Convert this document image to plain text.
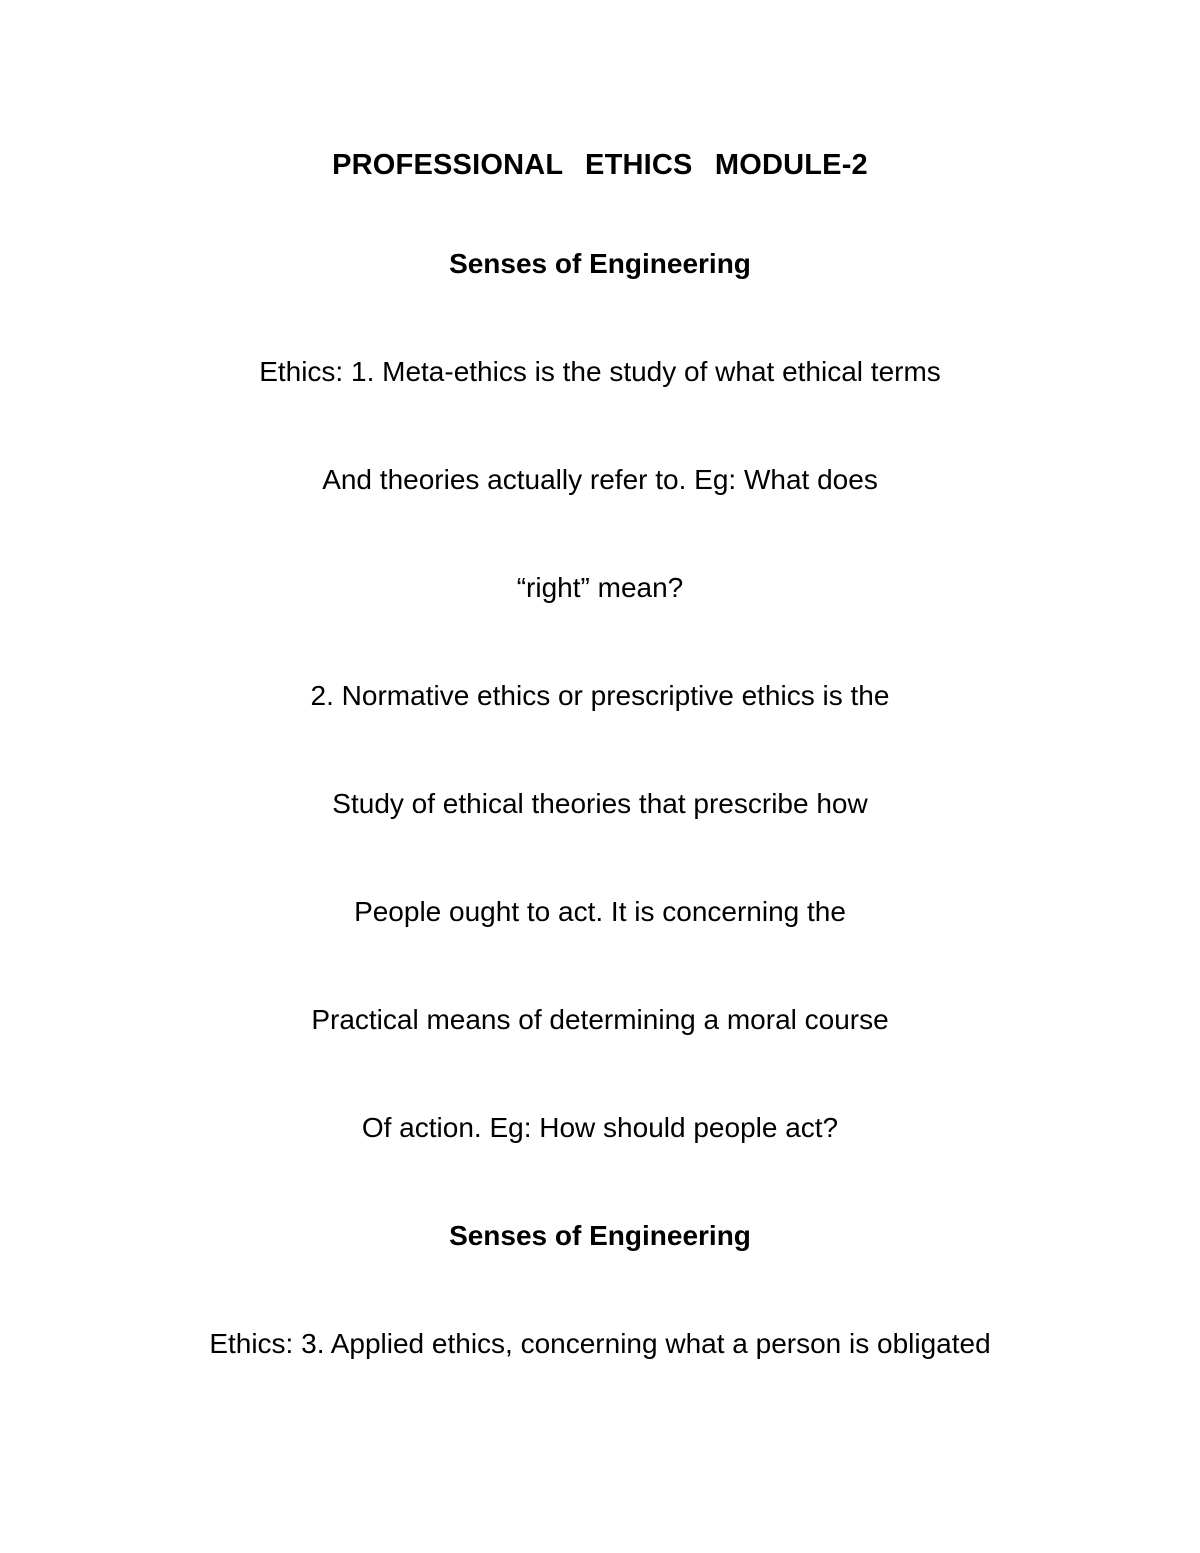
PROFESSIONAL ETHICS MODULE-2
Senses of Engineering
Ethics: 1. Meta-ethics is the study of what ethical terms
And theories actually refer to. Eg: What does
“right” mean?
2. Normative ethics or prescriptive ethics is the
Study of ethical theories that prescribe how
People ought to act. It is concerning the
Practical means of determining a moral course
Of action. Eg: How should people act?
Senses of Engineering
Ethics: 3. Applied ethics, concerning what a person is obligated
